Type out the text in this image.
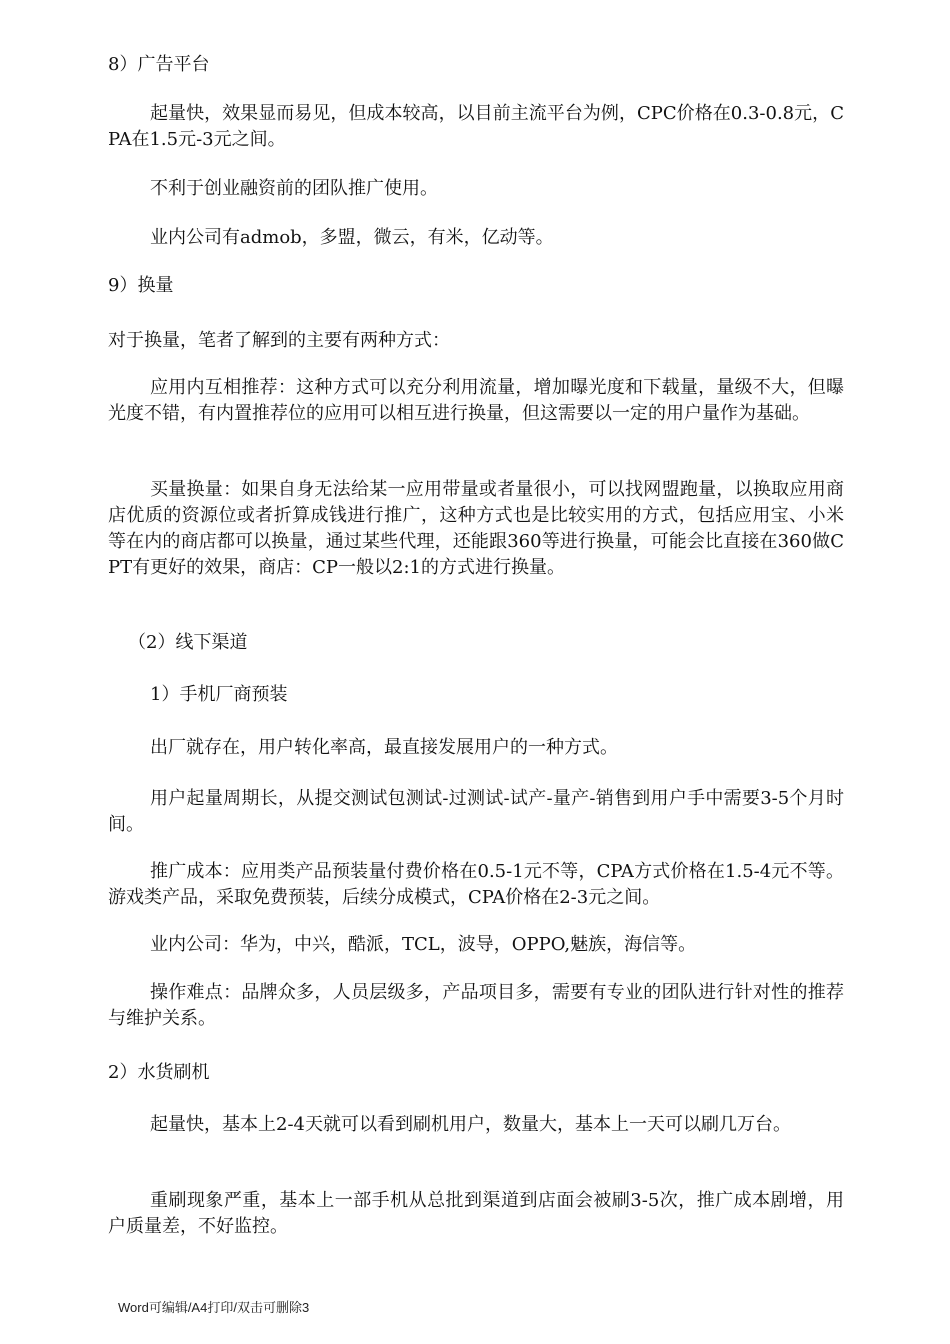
8）广告平台

起量快，效果显而易见，但成本较高，以目前主流平台为例，CPC价格在0.3-0.8元，CPA在1.5元-3元之间。

不利于创业融资前的团队推广使用。

业内公司有admob，多盟，微云，有米，亿动等。

9）换量

对于换量，笔者了解到的主要有两种方式：

应用内互相推荐：这种方式可以充分利用流量，增加曝光度和下载量，量级不大，但曝光度不错，有内置推荐位的应用可以相互进行换量，但这需要以一定的用户量作为基础。

买量换量：如果自身无法给某一应用带量或者量很小，可以找网盟跑量，以换取应用商店优质的资源位或者折算成钱进行推广，这种方式也是比较实用的方式，包括应用宝、小米等在内的商店都可以换量，通过某些代理，还能跟360等进行换量，可能会比直接在360做CPT有更好的效果，商店：CP一般以2:1的方式进行换量。

（2）线下渠道

1）手机厂商预装

出厂就存在，用户转化率高，最直接发展用户的一种方式。

用户起量周期长，从提交测试包测试-过测试-试产-量产-销售到用户手中需要3-5个月时间。

推广成本：应用类产品预装量付费价格在0.5-1元不等，CPA方式价格在1.5-4元不等。游戏类产品，采取免费预装，后续分成模式，CPA价格在2-3元之间。

业内公司：华为，中兴，酷派，TCL，波导，OPPO,魅族，海信等。

操作难点：品牌众多，人员层级多，产品项目多，需要有专业的团队进行针对性的推荐与维护关系。

2）水货刷机

起量快，基本上2-4天就可以看到刷机用户，数量大，基本上一天可以刷几万台。

重刷现象严重，基本上一部手机从总批到渠道到店面会被刷3-5次，推广成本剧增，用户质量差，不好监控。

Word可编辑/A4打印/双击可删除3
